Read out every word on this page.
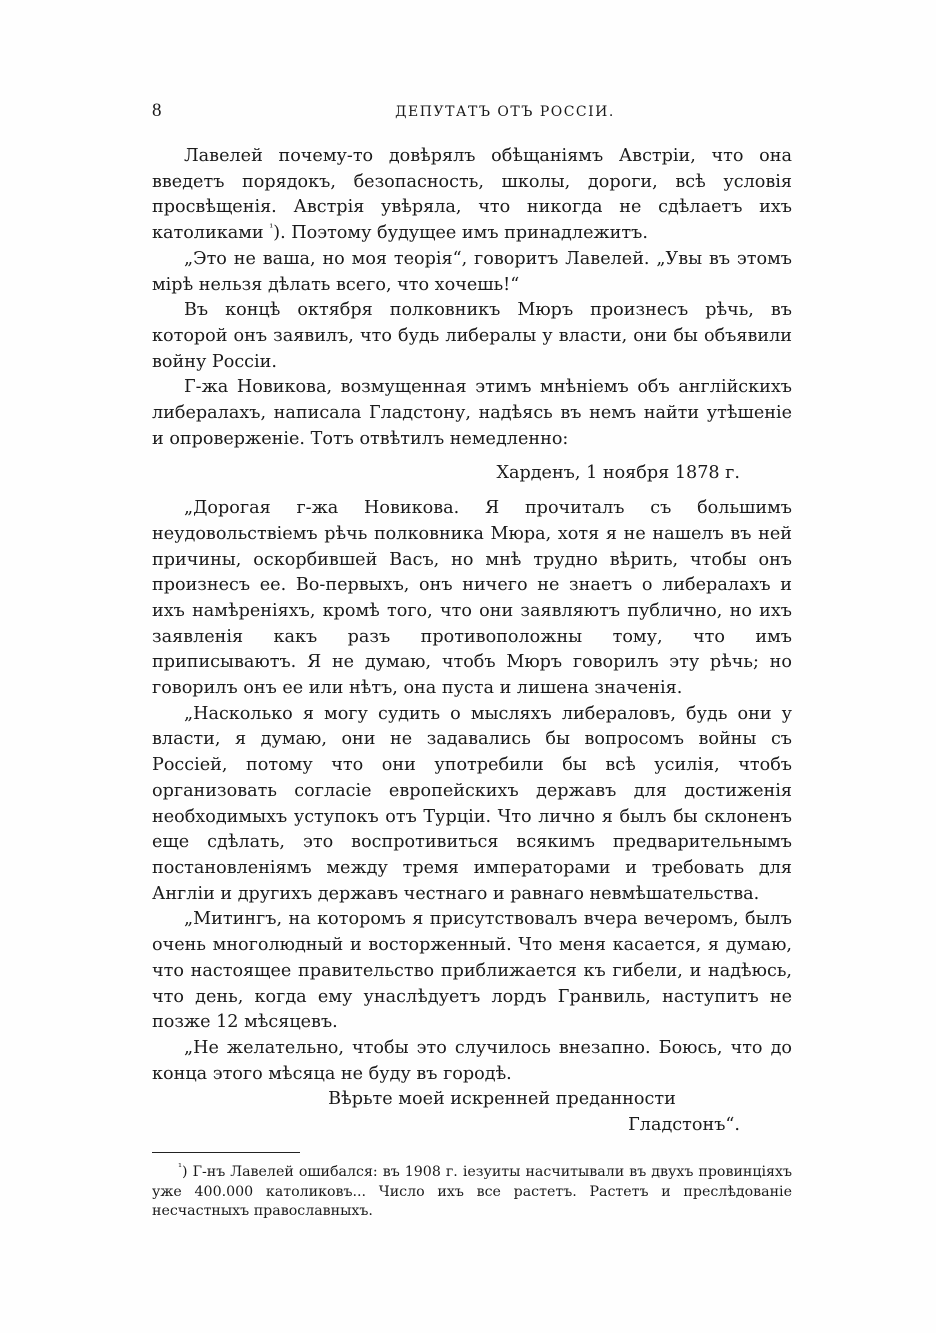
8	ДЕПУТАТЪ ОТЪ РОССІИ.

Лавелей почему-то довѣрялъ обѣщаніямъ Австріи, что она введетъ порядокъ, безопасность, школы, дороги, всѣ условія просвѣщенія. Австрія увѣряла, что никогда не сдѣлаетъ ихъ католиками $^{^1}$). Поэтому будущее имъ принадлежитъ.

„Это не ваша, но моя теорія“, говоритъ Лавелей. „Увы въ этомъ мірѣ нельзя дѣлать всего, что хочешь!“

Въ концѣ октября полковникъ Мюръ произнесъ рѣчь, въ которой онъ заявилъ, что будь либералы у власти, они бы объявили войну Россіи.

Г-жа Новикова, возмущенная этимъ мнѣніемъ объ англійскихъ либералахъ, написала Гладстону, надѣясь въ немъ найти утѣшеніе и опроверженіе. Тотъ отвѣтилъ немедленно:

Харденъ, 1 ноября 1878 г.

„Дорогая г-жа Новикова. Я прочиталъ съ большимъ неудовольствіемъ рѣчь полковника Мюра, хотя я не нашелъ въ ней причины, оскорбившей Васъ, но мнѣ трудно вѣрить, чтобы онъ произнесъ ее. Во-первыхъ, онъ ничего не знаетъ о либералахъ и ихъ намѣреніяхъ, кромѣ того, что они заявляютъ публично, но ихъ заявленія какъ разъ противоположны тому, что имъ приписываютъ. Я не думаю, чтобъ Мюръ говорилъ эту рѣчь; но говорилъ онъ ее или нѣтъ, она пуста и лишена значенія.

„Насколько я могу судить о мысляхъ либераловъ, будь они у власти, я думаю, они не задавались бы вопросомъ войны съ Россіей, потому что они употребили бы всѣ усилія, чтобъ организовать согласіе европейскихъ державъ для достиженія необходимыхъ уступокъ отъ Турціи. Что лично я былъ бы склоненъ еще сдѣлать, это воспротивиться всякимъ предварительнымъ постановленіямъ между тремя императорами и требовать для Англіи и другихъ державъ честнаго и равнаго невмѣшательства.

„Митингъ, на которомъ я присутствовалъ вчера вечеромъ, былъ очень многолюдный и восторженный. Что меня касается, я думаю, что настоящее правительство приближается къ гибели, и надѣюсь, что день, когда ему унаслѣдуетъ лордъ Гранвиль, наступитъ не позже 12 мѣсяцевъ.

„Не желательно, чтобы это случилось внезапно. Боюсь, что до конца этого мѣсяца не буду въ городѣ.

Вѣрьте моей искренней преданности

Гладстонъ“.

$^{^1}$) Г-нъ Лавелей ошибался: въ 1908 г. іезуиты насчитывали въ двухъ провинціяхъ уже 400.000 католиковъ... Число ихъ все растетъ. Растетъ и преслѣдованіе несчастныхъ православныхъ.
